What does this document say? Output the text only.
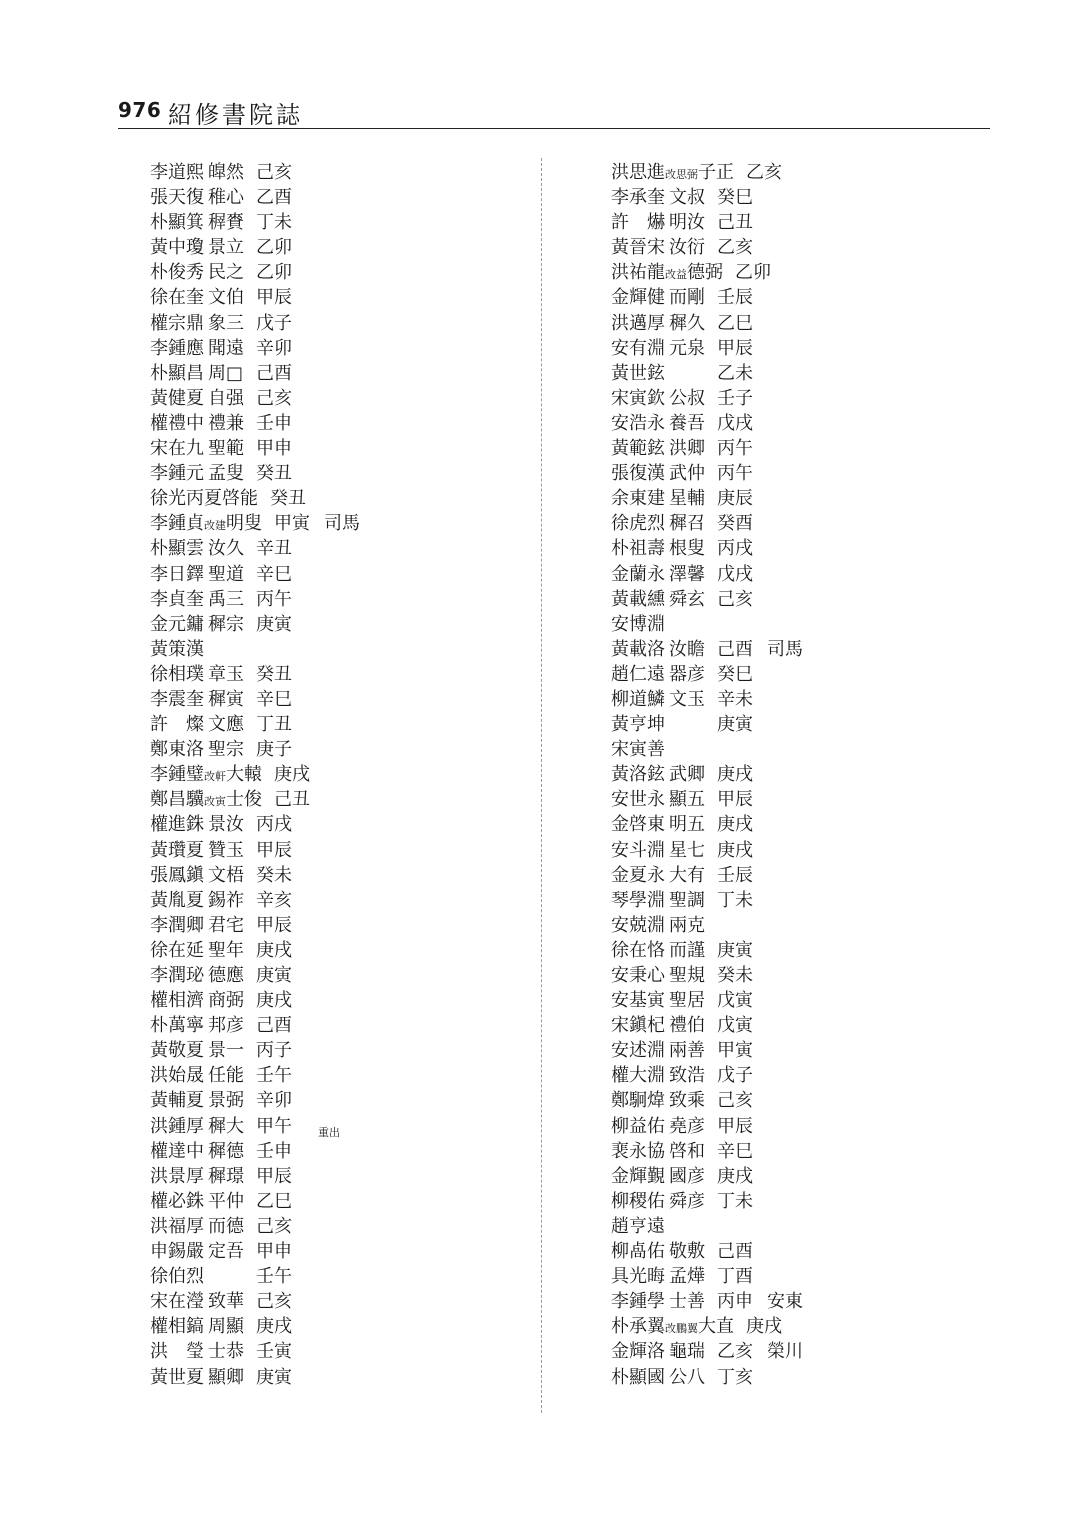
976 紹修書院誌
李道熙 皥然 己亥
張天復 稚心 乙酉
朴顯箕 稺賚 丁未
黃中瓊 景立 乙卯
朴俊秀 民之 乙卯
徐在奎 文伯 甲辰
權宗鼎 象三 戊子
李鍾應 聞遠 辛卯
朴顯昌 周□ 己酉
黃健夏 自强 己亥
權禮中 禮兼 壬申
宋在九 聖範 甲申
李鍾元 孟叟 癸丑
徐光丙夏 啓能 癸丑
李鍾貞改建 明叟 甲寅 司馬
朴顯雲 汝久 辛丑
李日鐸 聖道 辛巳
李貞奎 禹三 丙午
金元鏞 穉宗 庚寅
黃策漢
徐相璞 章玉 癸丑
李震奎 穉寅 辛巳
許　燦 文應 丁丑
鄭東洛 聖宗 庚子
李鍾璧改軒 大轅 庚戌
鄭昌驥改寅 士俊 己丑
權進銖 景汝 丙戌
黃瓚夏 贊玉 甲辰
張鳳鎭 文梧 癸未
黃胤夏 錫祚 辛亥
李潤卿 君宅 甲辰
徐在延 聖年 庚戌
李潤珌 德應 庚寅
權相濟 商弼 庚戌
朴萬寧 邦彦 己酉
黃敬夏 景一 丙子
洪始晟 任能 壬午
黃輔夏 景弼 辛卯
洪鍾厚 穉大 甲午 重出
權達中 穉德 壬申
洪景厚 穉璟 甲辰
權必銖 平仲 乙巳
洪福厚 而德 己亥
申錫嚴 定吾 甲申
徐伯烈	壬午
宋在瀅 致華 己亥
權相鎬 周顯 庚戌
洪　瑩 士恭 壬寅
黃世夏 顯卿 庚寅
洪思進改思弼 子正 乙亥
李承奎 文叔 癸巳
許　爀 明汝 己丑
黃晉宋 汝衍 乙亥
洪祐龍改益 德弼 乙卯
金輝健 而剛 壬辰
洪邁厚 穉久 乙巳
安有淵 元泉 甲辰
黃世鉉	乙未
宋寅欽 公叔 壬子
安浩永 養吾 戊戌
黃範鉉 洪卿 丙午
張復漢 武仲 丙午
余東建 星輔 庚辰
徐虎烈 穉召 癸酉
朴祖壽 根叟 丙戌
金蘭永 澤馨 戊戌
黃載纁 舜玄 己亥
安博淵
黃載洛 汝瞻 己酉 司馬
趙仁遠 器彦 癸巳
柳道鱗 文玉 辛未
黃亨坤	庚寅
宋寅善
黃洛鉉 武卿 庚戌
安世永 顯五 甲辰
金啓東 明五 庚戌
安斗淵 星七 庚戌
金夏永 大有 壬辰
琴學淵 聖調 丁未
安兢淵 兩克
徐在恪 而謹 庚寅
安秉心 聖規 癸未
安基寅 聖居 戊寅
宋鎭杞 禮伯 戊寅
安述淵 兩善 甲寅
權大淵 致浩 戊子
鄭駉煒 致乘 己亥
柳益佑 堯彦 甲辰
裵永協 啓和 辛巳
金輝覲 國彦 庚戌
柳稷佑 舜彦 丁未
趙亨遠
柳卨佑 敬敷 己酉
具光晦 孟燁 丁酉
李鍾學 士善 丙申 安東
朴承翼改鵬翼 大直 庚戌
金輝洛 龜瑞 乙亥 榮川
朴顯國 公八 丁亥
